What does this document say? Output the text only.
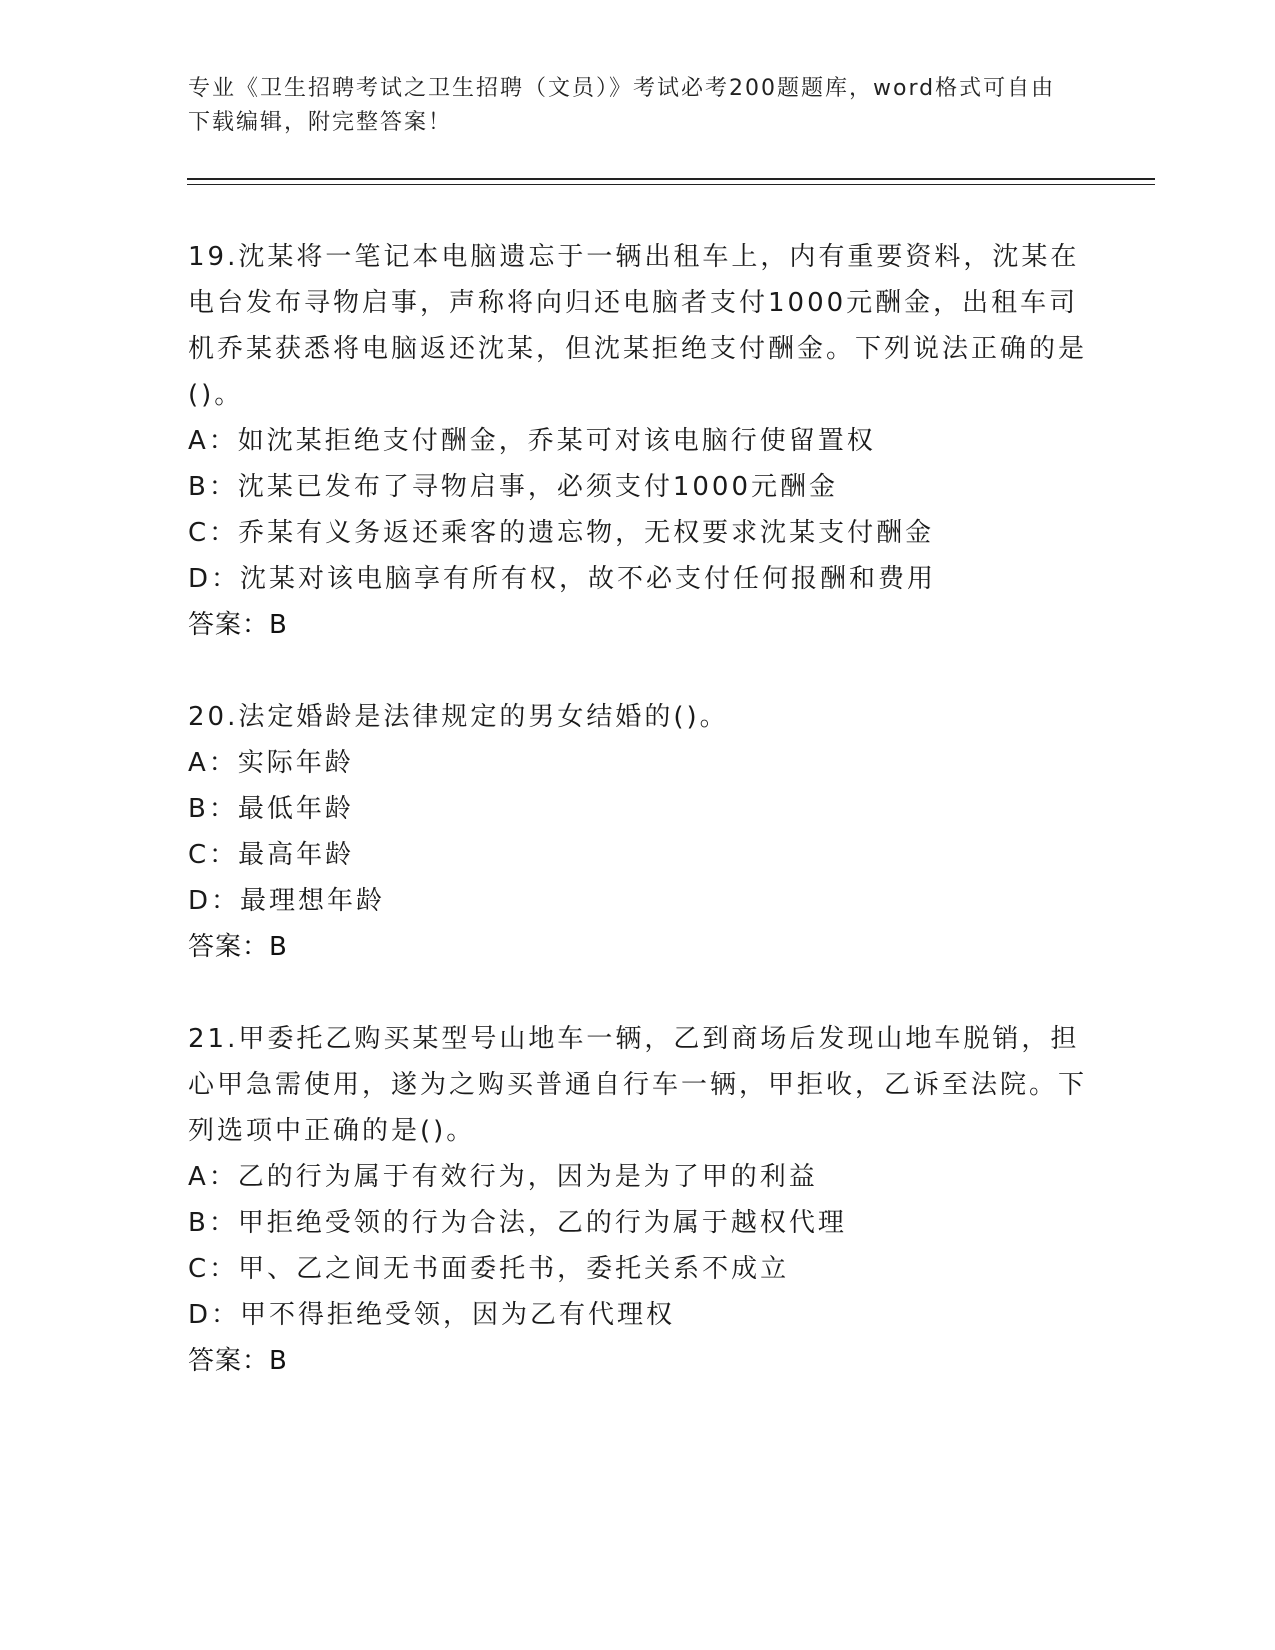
专业《卫生招聘考试之卫生招聘（文员）》考试必考200题题库，word格式可自由下载编辑，附完整答案！

19.沈某将一笔记本电脑遗忘于一辆出租车上，内有重要资料，沈某在电台发布寻物启事，声称将向归还电脑者支付1000元酬金，出租车司机乔某获悉将电脑返还沈某，但沈某拒绝支付酬金。下列说法正确的是()。

A：如沈某拒绝支付酬金，乔某可对该电脑行使留置权

B：沈某已发布了寻物启事，必须支付1000元酬金

C：乔某有义务返还乘客的遗忘物，无权要求沈某支付酬金

D：沈某对该电脑享有所有权，故不必支付任何报酬和费用

答案：B

20.法定婚龄是法律规定的男女结婚的()。

A：实际年龄

B：最低年龄

C：最高年龄

D：最理想年龄

答案：B

21.甲委托乙购买某型号山地车一辆，乙到商场后发现山地车脱销，担心甲急需使用，遂为之购买普通自行车一辆，甲拒收，乙诉至法院。下列选项中正确的是()。

A：乙的行为属于有效行为，因为是为了甲的利益

B：甲拒绝受领的行为合法，乙的行为属于越权代理

C：甲、乙之间无书面委托书，委托关系不成立

D：甲不得拒绝受领，因为乙有代理权

答案：B
